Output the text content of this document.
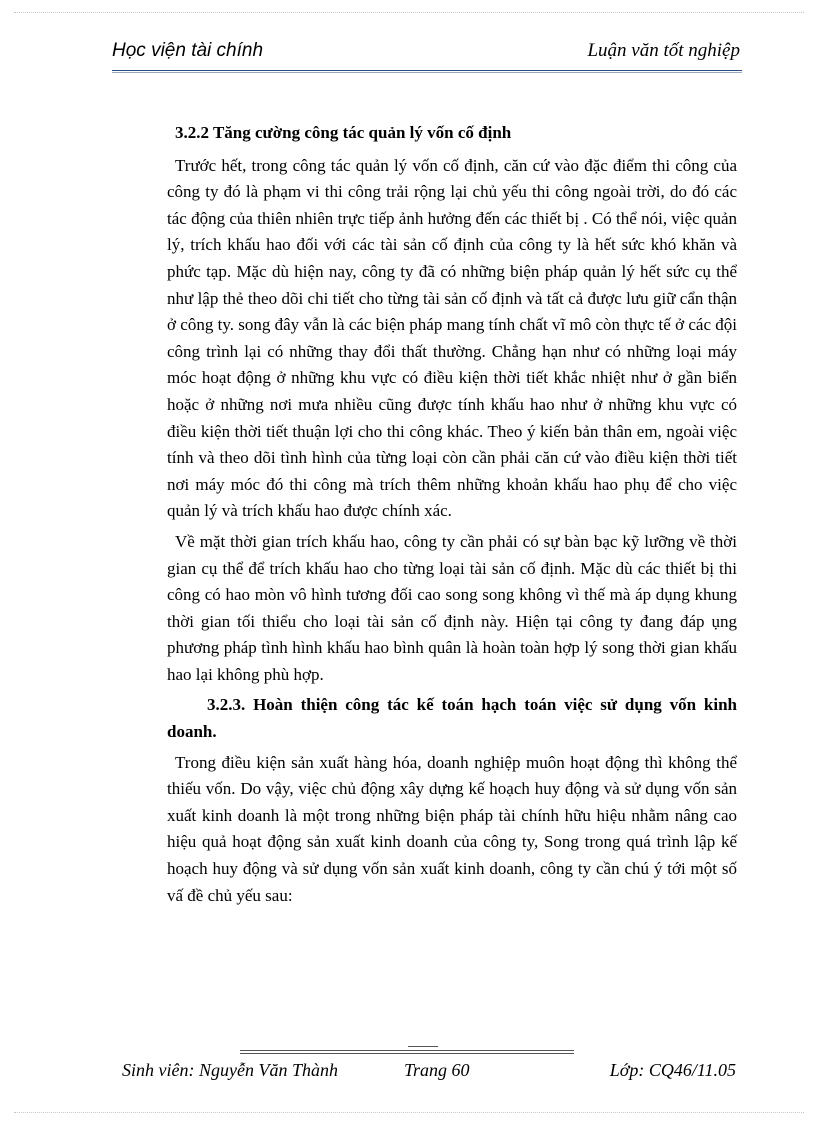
Học viện tài chính	Luận văn tốt nghiệp

3.2.2 Tăng cường công tác quản lý vốn cố định

Trước hết, trong công tác quản lý vốn cố định, căn cứ vào đặc điểm thi công của công ty đó là phạm vi thi công trải rộng lại chủ yếu thi công ngoài trời, do đó các tác động của thiên nhiên trực tiếp ảnh hưởng đến các thiết bị . Có thể nói, việc quản lý, trích khấu hao đối với các tài sản cố định của công ty là hết sức khó khăn và phức tạp. Mặc dù hiện nay, công ty đã có những biện pháp quản lý hết sức cụ thể như lập thẻ theo dõi chi tiết cho từng tài sản cố định và tất cả được lưu giữ cẩn thận ở công ty. song đây vẫn là các biện pháp mang tính chất vĩ mô còn thực tế ở các đội công trình lại có những thay đổi thất thường. Chẳng hạn như có những loại máy móc hoạt động ở những khu vực có điều kiện thời tiết khắc nhiệt như ở gần biển hoặc ở những nơi mưa nhiều cũng được tính khấu hao như ở những khu vực có điều kiện thời tiết thuận lợi cho thi công khác. Theo ý kiến bản thân em, ngoài việc tính và theo dõi tình hình của từng loại còn cần phải căn cứ vào điều kiện thời tiết nơi máy móc đó thi công mà trích thêm những khoản khấu hao phụ để cho việc quản lý và trích khấu hao được chính xác.

Về mặt thời gian trích khấu hao, công ty cần phải có sự bàn bạc kỹ lưỡng về thời gian cụ thể để trích khấu hao cho từng loại tài sản cố định. Mặc dù các thiết bị thi công có hao mòn vô hình tương đối cao song song không vì thế mà áp dụng khung thời gian tối thiểu cho loại tài sản cố định này. Hiện tại công ty đang đáp ụng phương pháp tình hình khấu hao bình quân là hoàn toàn hợp lý song thời gian khấu hao lại không phù hợp.

3.2.3. Hoàn thiện công tác kế toán hạch toán việc sử dụng vốn kinh doanh.

Trong điều kiện sản xuất hàng hóa, doanh nghiệp muôn hoạt động thì không thể thiếu vốn. Do vậy, việc chủ động xây dựng kế hoạch huy động và sử dụng vốn sản xuất kinh doanh là một trong những biện pháp tài chính hữu hiệu nhằm nâng cao hiệu quả hoạt động sản xuất kinh doanh của công ty, Song trong quá trình lập kế hoạch huy động và sử dụng vốn sản xuất kinh doanh, công ty cần chú ý tới một số vấ đề chủ yếu sau:

Sinh viên: Nguyễn Văn Thành	Trang 60	Lớp: CQ46/11.05
